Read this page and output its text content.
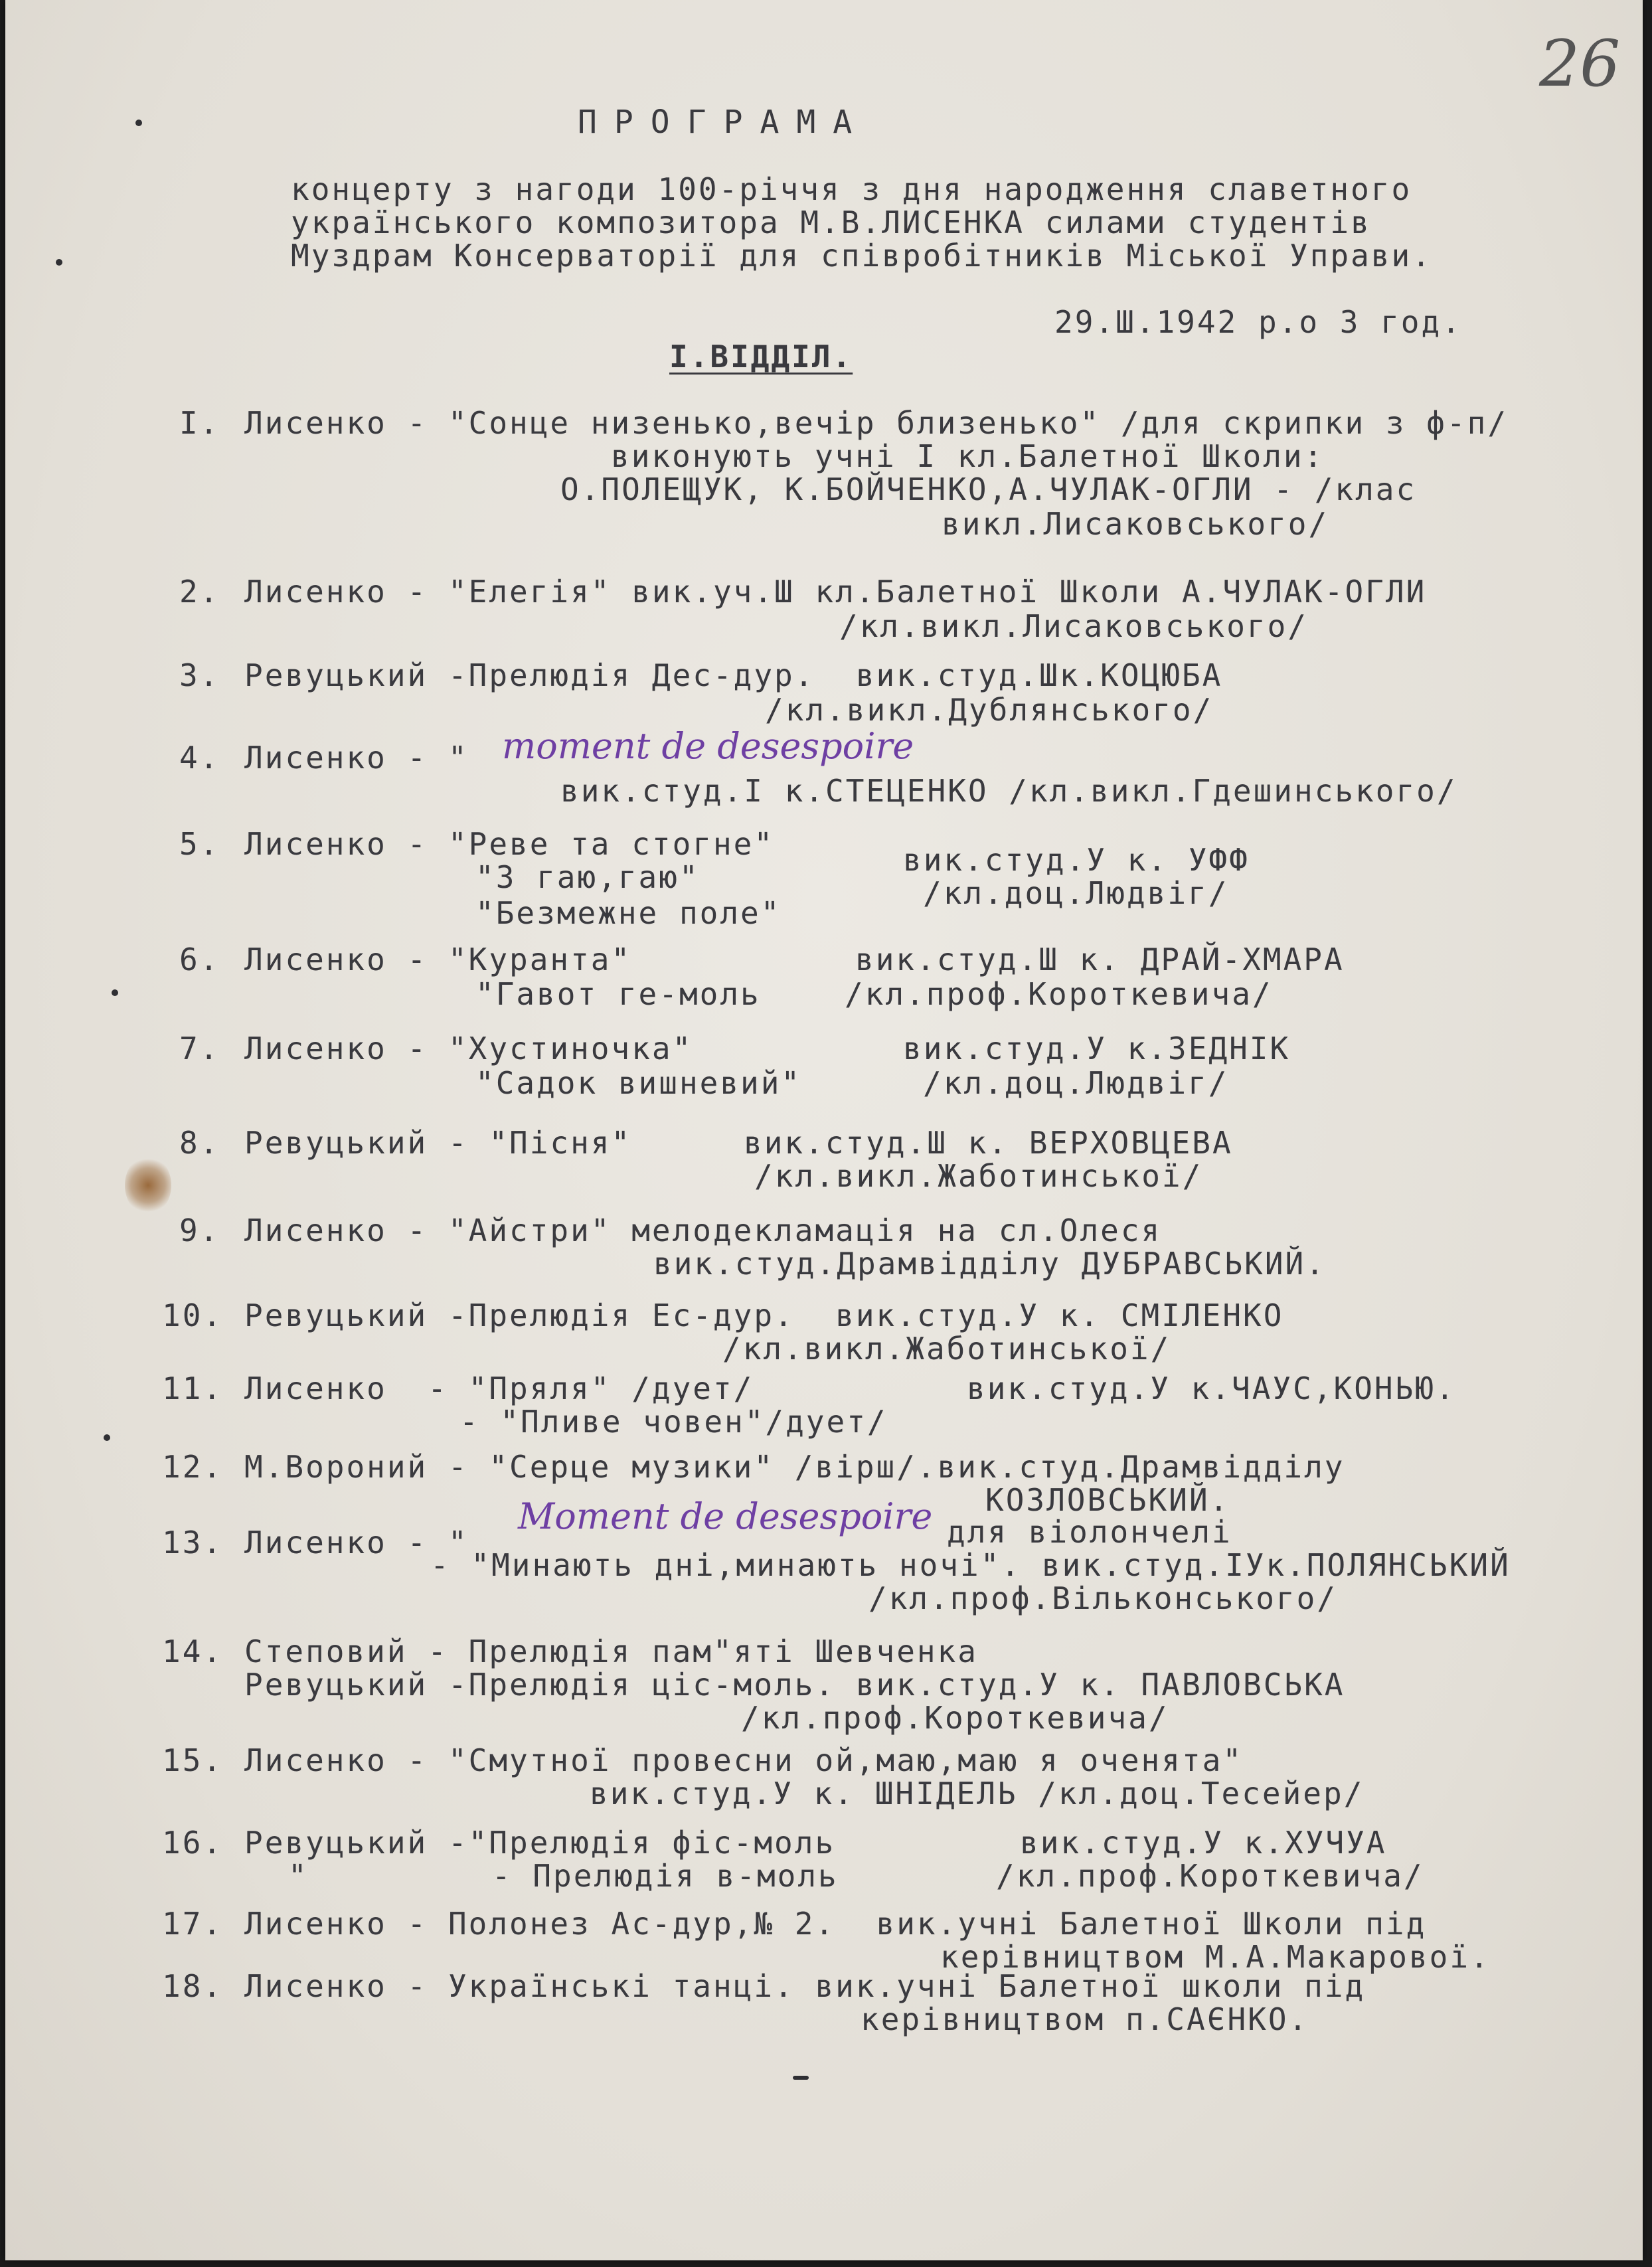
26
ПРОГРАМА
концерту з нагоди 100-річчя з дня народження славетного
українського композитора М.В.ЛИСЕНКА силами студентів
Муздрам Консерваторії для співробітників Міської Управи.
29.Ш.1942 р.о 3 год.
І.ВІДДІЛ.
І. Лисенко - "Сонце низенько,вечір близенько" /для скрипки з ф-п/
виконують учні І кл.Балетної Школи:
О.ПОЛЕЩУК, К.БОЙЧЕНКО,А.ЧУЛАК-ОГЛИ - /клас
викл.Лисаковського/
2. Лисенко - "Елегія" вик.уч.Ш кл.Балетної Школи А.ЧУЛАК-ОГЛИ
/кл.викл.Лисаковського/
3. Ревуцький -Прелюдія Дес-дур.  вик.студ.Шк.КОЦЮБА
/кл.викл.Дублянського/
4. Лисенко - " moment de desespoire
вик.студ.І к.СТЕЦЕНКО /кл.викл.Гдешинського/
5. Лисенко - "Реве та стогне"
"З гаю,гаю"
"Безмежне поле"
вик.студ.У к. УФФ
/кл.доц.Людвіг/
6. Лисенко - "Куранта"
"Гавот ге-моль
вик.студ.Ш к. ДРАЙ-ХМАРА
/кл.проф.Короткевича/
7. Лисенко - "Хустиночка"
"Садок вишневий"
вик.студ.У к.ЗЕДНІК
/кл.доц.Людвіг/
8. Ревуцький - "Пісня"	вик.студ.Ш к. ВЕРХОВЦЕВА
/кл.викл.Жаботинської/
9. Лисенко - "Айстри" мелодекламація на сл.Олеся
вик.студ.Драмвідділу ДУБРАВСЬКИЙ.
10. Ревуцький -Прелюдія Ес-дур.  вик.студ.У к. СМІЛЕНКО
/кл.викл.Жаботинської/
11. Лисенко  - "Пряля" /дует/
- "Пливе човен"/дует/
вик.студ.У к.ЧАУС,КОНЬЮ.
12. М.Вороний - "Серце музики" /вірш/.вик.студ.Драмвідділу
КОЗЛОВСЬКИЙ.
13. Лисенко - "
Moment de desespoire для віолончелі
- "Минають дні,минають ночі". вик.студ.ІУк.ПОЛЯНСЬКИЙ
/кл.проф.Вільконського/
14. Степовий - Прелюдія пам"яті Шевченка
Ревуцький -Прелюдія ціс-моль. вик.студ.У к. ПАВЛОВСЬКА
/кл.проф.Короткевича/
15. Лисенко - "Смутної провесни ой,маю,маю я оченята"
вик.студ.У к. ШНІДЕЛЬ /кл.доц.Тесейер/
16. Ревуцький -"Прелюдія фіс-моль
"         - Прелюдія в-моль
вик.студ.У к.ХУЧУА
/кл.проф.Короткевича/
17. Лисенко - Полонез Ас-дур,№ 2.  вик.учні Балетної Школи під
керівництвом М.А.Макарової.
18. Лисенко - Українські танці. вик.учні Балетної школи під
керівництвом п.САЄНКО.
